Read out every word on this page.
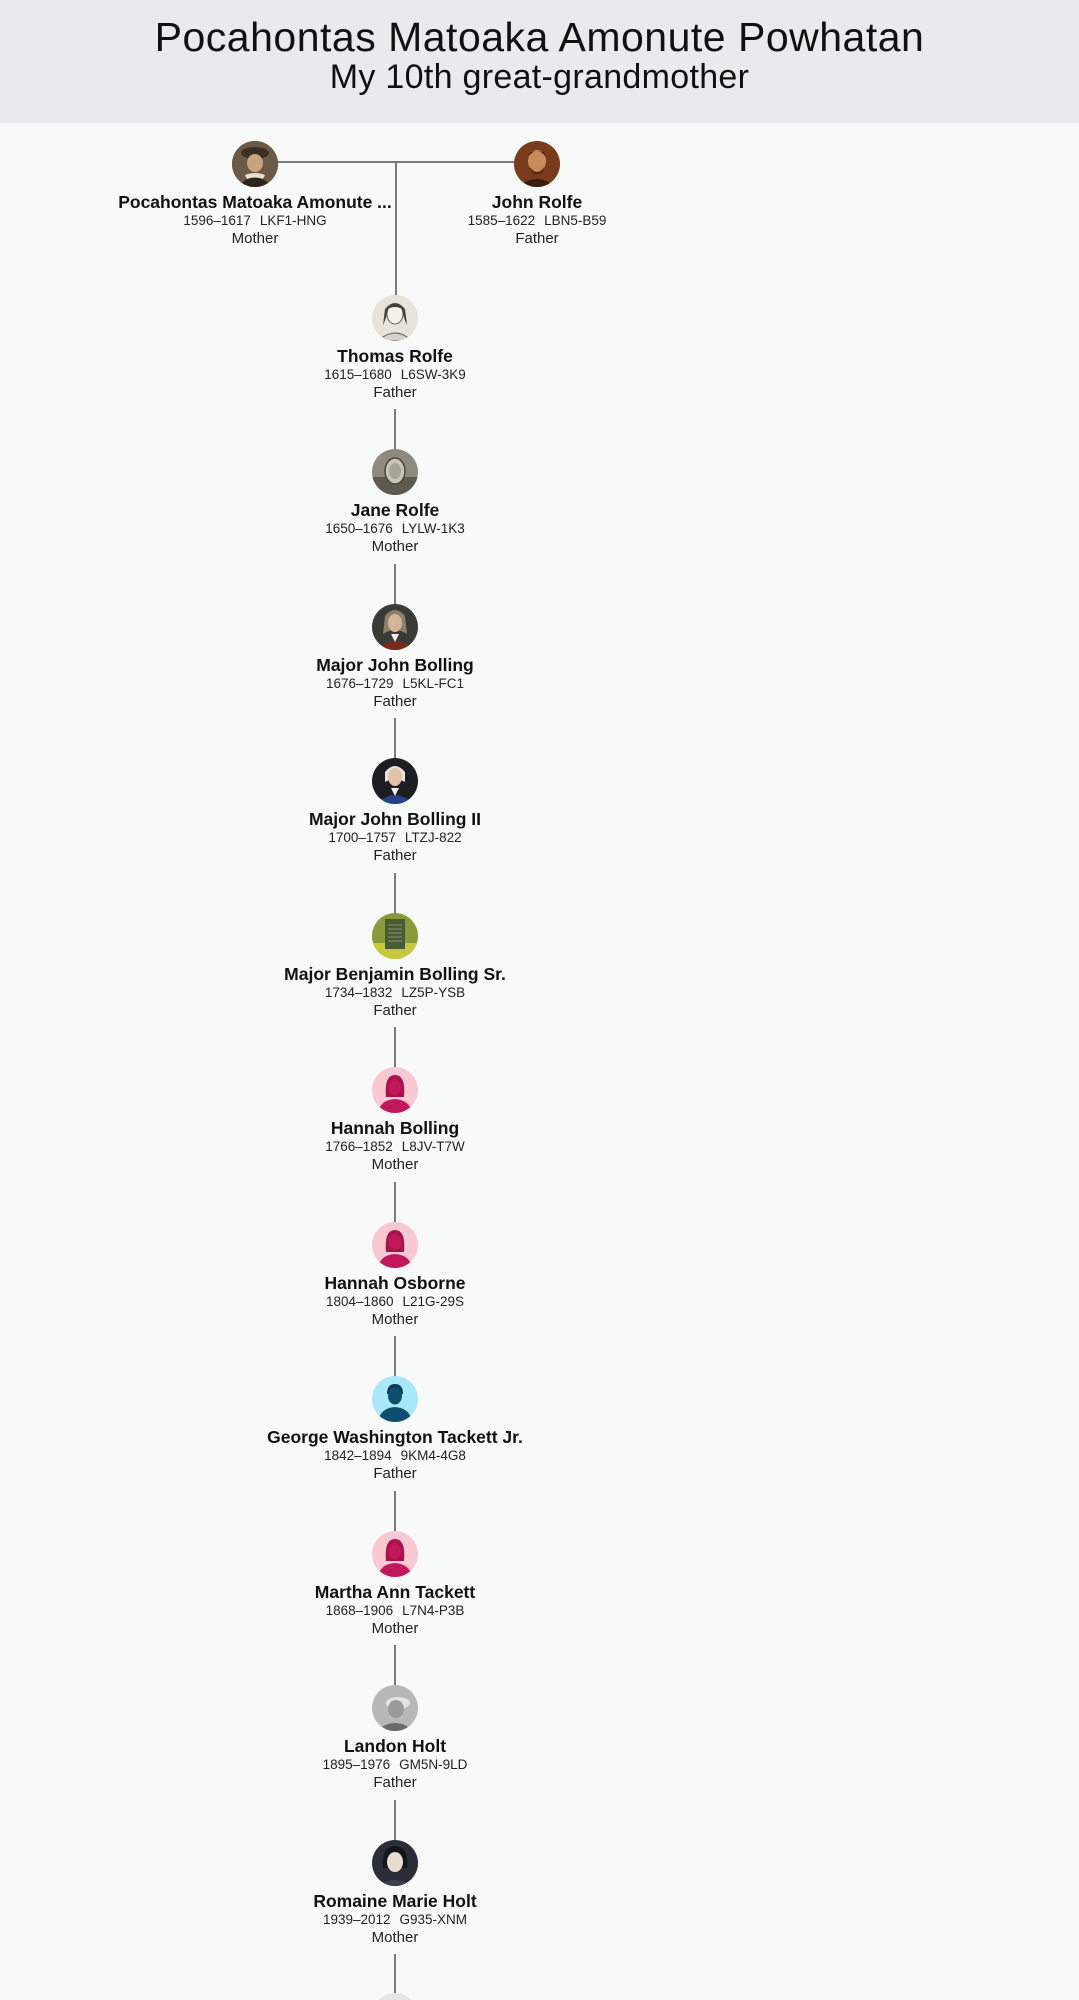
Pocahontas Matoaka Amonute Powhatan
My 10th great-grandmother
Pocahontas Matoaka Amonute ...
1596–1617 LKF1-HNG
Mother
John Rolfe
1585–1622 LBN5-B59
Father
Thomas Rolfe
1615–1680 L6SW-3K9
Father
Jane Rolfe
1650–1676 LYLW-1K3
Mother
Major John Bolling
1676–1729 L5KL-FC1
Father
Major John Bolling II
1700–1757 LTZJ-822
Father
Major Benjamin Bolling Sr.
1734–1832 LZ5P-YSB
Father
Hannah Bolling
1766–1852 L8JV-T7W
Mother
Hannah Osborne
1804–1860 L21G-29S
Mother
George Washington Tackett Jr.
1842–1894 9KM4-4G8
Father
Martha Ann Tackett
1868–1906 L7N4-P3B
Mother
Landon Holt
1895–1976 GM5N-9LD
Father
Romaine Marie Holt
1939–2012 G935-XNM
Mother
